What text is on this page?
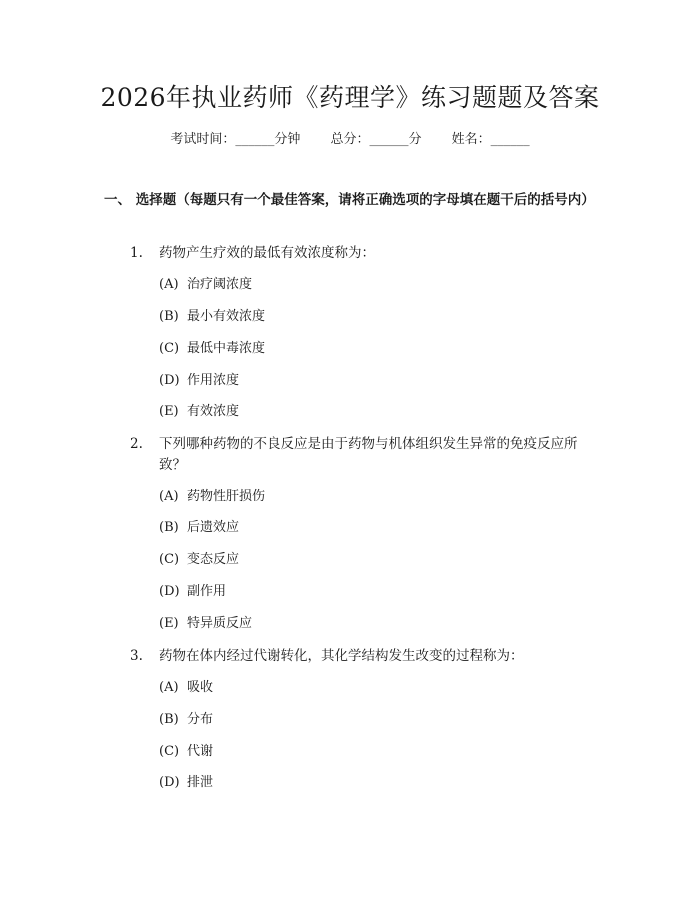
2026年执业药师《药理学》练习题题及答案
考试时间：______分钟 总分：______分 姓名：______
一、 选择题（每题只有一个最佳答案，请将正确选项的字母填在题干后的括号内）
1.	药物产生疗效的最低有效浓度称为：
(A) 治疗阈浓度
(B) 最小有效浓度
(C) 最低中毒浓度
(D) 作用浓度
(E) 有效浓度
2.	下列哪种药物的不良反应是由于药物与机体组织发生异常的免疫反应所致？
(A) 药物性肝损伤
(B) 后遗效应
(C) 变态反应
(D) 副作用
(E) 特异质反应
3.	药物在体内经过代谢转化，其化学结构发生改变的过程称为：
(A) 吸收
(B) 分布
(C) 代谢
(D) 排泄
